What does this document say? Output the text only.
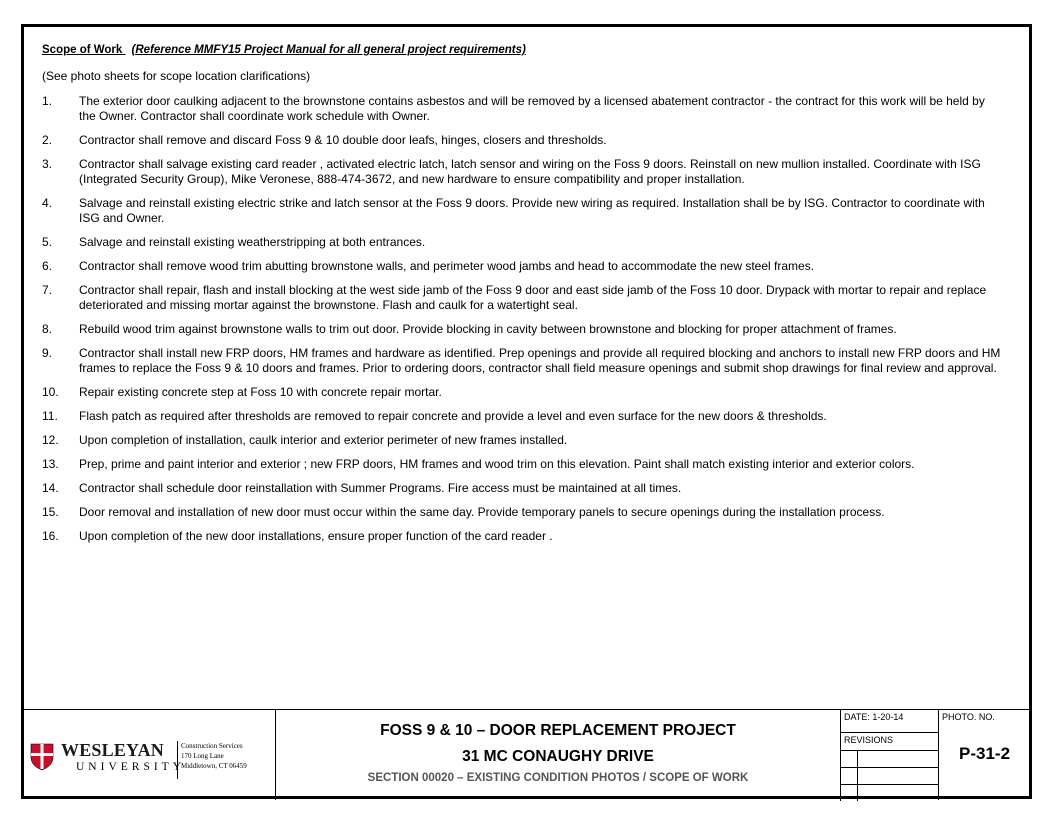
Scope of Work (Reference MMFY15 Project Manual for all general project requirements)
(See photo sheets for scope location clarifications)
1. The exterior door caulking adjacent to the brownstone contains asbestos and will be removed by a licensed abatement contractor - the contract for this work will be held by the Owner. Contractor shall coordinate work schedule with Owner.
2. Contractor shall remove and discard Foss 9 & 10 double door leafs, hinges, closers and thresholds.
3. Contractor shall salvage existing card reader , activated electric latch, latch sensor and wiring on the Foss 9 doors. Reinstall on new mullion installed. Coordinate with ISG (Integrated Security Group), Mike Veronese, 888-474-3672, and new hardware to ensure compatibility and proper installation.
4. Salvage and reinstall existing electric strike and latch sensor at the Foss 9 doors. Provide new wiring as required. Installation shall be by ISG. Contractor to coordinate with ISG and Owner.
5. Salvage and reinstall existing weatherstripping at both entrances.
6. Contractor shall remove wood trim abutting brownstone walls, and perimeter wood jambs and head to accommodate the new steel frames.
7. Contractor shall repair, flash and install blocking at the west side jamb of the Foss 9 door and east side jamb of the Foss 10 door. Drypack with mortar to repair and replace deteriorated and missing mortar against the brownstone. Flash and caulk for a watertight seal.
8. Rebuild wood trim against brownstone walls to trim out door. Provide blocking in cavity between brownstone and blocking for proper attachment of frames.
9. Contractor shall install new FRP doors, HM frames and hardware as identified. Prep openings and provide all required blocking and anchors to install new FRP doors and HM frames to replace the Foss 9 & 10 doors and frames. Prior to ordering doors, contractor shall field measure openings and submit shop drawings for final review and approval.
10. Repair existing concrete step at Foss 10 with concrete repair mortar.
11. Flash patch as required after thresholds are removed to repair concrete and provide a level and even surface for the new doors & thresholds.
12. Upon completion of installation, caulk interior and exterior perimeter of new frames installed.
13. Prep, prime and paint interior and exterior ; new FRP doors, HM frames and wood trim on this elevation. Paint shall match existing interior and exterior colors.
14. Contractor shall schedule door reinstallation with Summer Programs. Fire access must be maintained at all times.
15. Door removal and installation of new door must occur within the same day. Provide temporary panels to secure openings during the installation process.
16. Upon completion of the new door installations, ensure proper function of the card reader .
WESLEYAN
UNIVERSITY
Construction Services
170 Long Lane
Middletown, CT 06459
FOSS 9 & 10 – DOOR REPLACEMENT PROJECT
31 MC CONAUGHY DRIVE
SECTION 00020 – EXISTING CONDITION PHOTOS / SCOPE OF WORK
DATE: 1-20-14
REVISIONS
PHOTO. NO.
P-31-2
